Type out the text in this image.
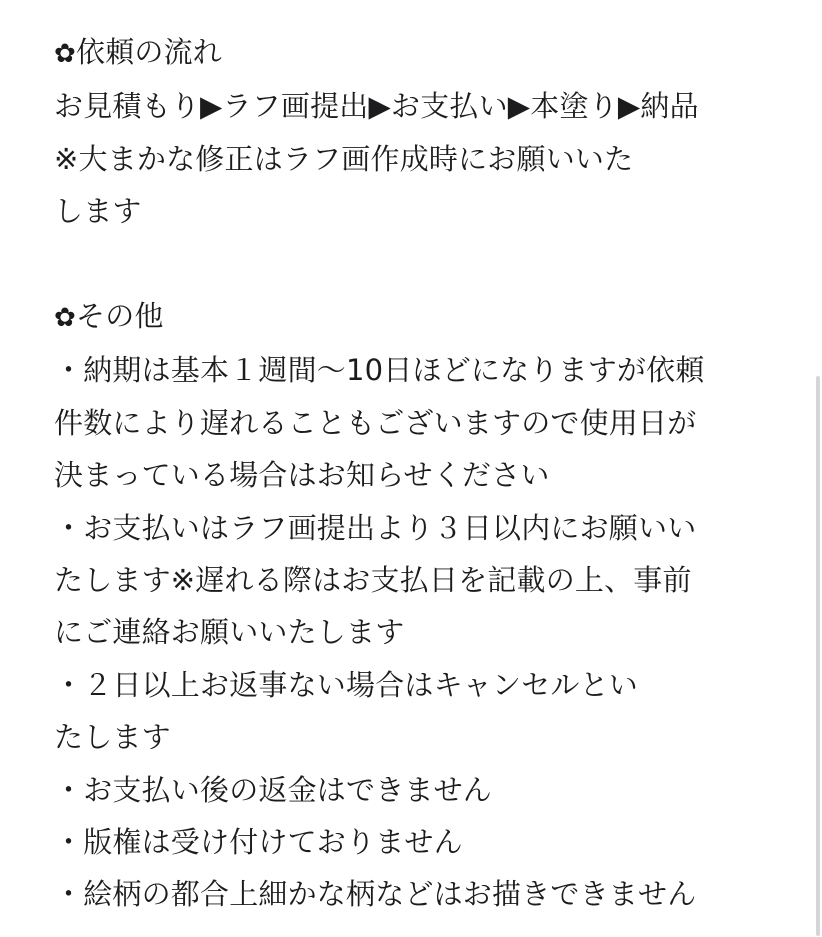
✿依頼の流れ
お見積もり▶ラフ画提出▶お支払い▶本塗り▶納品
※大まかな修正はラフ画作成時にお願いいた
します
✿その他
・納期は基本１週間〜10日ほどになりますが依頼
件数により遅れることもございますので使用日が
決まっている場合はお知らせください
・お支払いはラフ画提出より３日以内にお願いい
たします※遅れる際はお支払日を記載の上、事前
にご連絡お願いいたします
・２日以上お返事ない場合はキャンセルとい
たします
・お支払い後の返金はできません
・版権は受け付けておりません
・絵柄の都合上細かな柄などはお描きできません
